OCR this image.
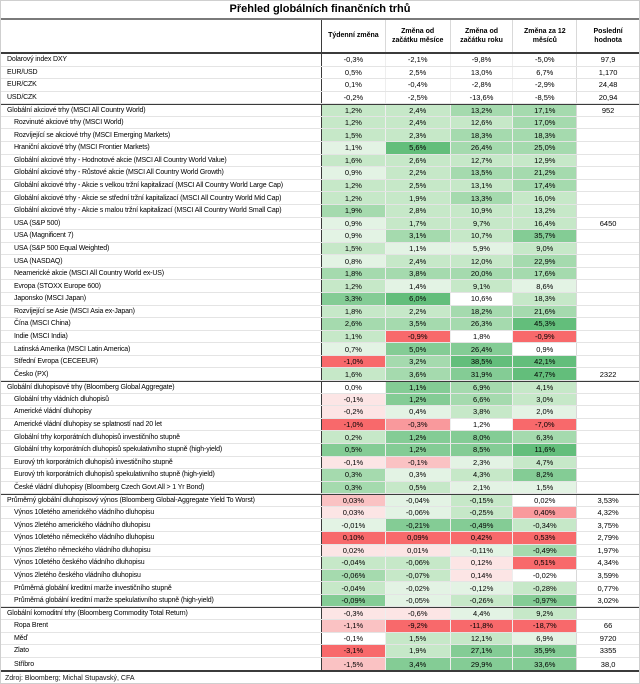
Přehled globálních finančních trhů
Týdenní změna
Změna od začátku měsíce
Změna od začátku roku
Změna za 12 měsíců
Poslední hodnota
Dolarový index DXY	-0,3%	-2,1%	-9,8%	-5,0%	97,9
EUR/USD	0,5%	2,5%	13,0%	6,7%	1,170
EUR/CZK	0,1%	-0,4%	-2,8%	-2,9%	24,48
USD/CZK	-0,2%	-2,5%	-13,6%	-8,5%	20,94
Globální akciové trhy (MSCI All Country World)	1,2%	2,4%	13,2%	17,1%	952
Rozvinuté akciové trhy (MSCI World)	1,2%	2,4%	12,6%	17,0%
Rozvíjející se akciové trhy (MSCI Emerging Markets)	1,5%	2,3%	18,3%	18,3%
Hraniční akciové trhy (MSCI Frontier Markets)	1,1%	5,6%	26,4%	25,0%
Globální akciové trhy - Hodnotové akcie (MSCI All Country World Value)	1,6%	2,6%	12,7%	12,9%
Globální akciové trhy - Růstové akcie (MSCI All Country World Growth)	0,9%	2,2%	13,5%	21,2%
Globální akciové trhy - Akcie s velkou tržní kapitalizací (MSCI All Country World Large Cap)	1,2%	2,5%	13,1%	17,4%
Globální akciové trhy - Akcie se střední tržní kapitalizací (MSCI All Country World Mid Cap)	1,2%	1,9%	13,3%	16,0%
Globální akciové trhy - Akcie s malou tržní kapitalizací (MSCI All Country World Small Cap)	1,9%	2,8%	10,9%	13,2%
USA (S&P 500)	0,9%	1,7%	9,7%	16,4%	6450
USA (Magnificent 7)	0,9%	3,1%	10,7%	35,7%
USA (S&P 500 Equal Weighted)	1,5%	1,1%	5,9%	9,0%
USA (NASDAQ)	0,8%	2,4%	12,0%	22,9%
Neamerické akcie (MSCI All Country World ex-US)	1,8%	3,8%	20,0%	17,6%
Evropa (STOXX Europe 600)	1,2%	1,4%	9,1%	8,6%
Japonsko (MSCI Japan)	3,3%	6,0%	10,6%	18,3%
Rozvíjející se Asie (MSCI Asia ex-Japan)	1,8%	2,2%	18,2%	21,6%
Čína (MSCI China)	2,6%	3,5%	26,3%	45,3%
Indie (MSCI India)	1,1%	-0,9%	1,8%	-0,9%
Latinská Amerika (MSCI Latin America)	0,7%	5,0%	26,4%	0,9%
Střední Evropa (CECEEUR)	-1,0%	3,2%	38,5%	42,1%
Česko (PX)	1,6%	3,6%	31,9%	47,7%	2322
Globální dluhopisové trhy (Bloomberg Global Aggregate)	0,0%	1,1%	6,9%	4,1%
Globální trhy vládních dluhopisů	-0,1%	1,2%	6,6%	3,0%
Americké vládní dluhopisy	-0,2%	0,4%	3,8%	2,0%
Americké vládní dluhopisy se splatností nad 20 let	-1,0%	-0,3%	1,2%	-7,0%
Globální trhy korporátních dluhopisů investičního stupně	0,2%	1,2%	8,0%	6,3%
Globální trhy korporátních dluhopisů spekulativního stupně (high-yield)	0,5%	1,2%	8,5%	11,6%
Eurový trh korporátních dluhopisů investičního stupně	-0,1%	-0,1%	2,3%	4,7%
Eurový trh korporátních dluhopisů spekulativního stupně (high-yield)	0,3%	0,3%	4,3%	8,2%
České vládní dluhopisy (Bloomberg Czech Govt All > 1 Yr Bond)	0,3%	0,5%	2,1%	1,5%
Průměrný globální dluhopisový výnos (Bloomberg Global-Aggregate Yield To Worst)	0,03%	-0,04%	-0,15%	0,02%	3,53%
Výnos 10letého amerického vládního dluhopisu	0,03%	-0,06%	-0,25%	0,40%	4,32%
Výnos 2letého amerického vládního dluhopisu	-0,01%	-0,21%	-0,49%	-0,34%	3,75%
Výnos 10letého německého vládního dluhopisu	0,10%	0,09%	0,42%	0,53%	2,79%
Výnos 2letého německého vládního dluhopisu	0,02%	0,01%	-0,11%	-0,49%	1,97%
Výnos 10letého českého vládního dluhopisu	-0,04%	-0,06%	0,12%	0,51%	4,34%
Výnos 2letého českého vládního dluhopisu	-0,06%	-0,07%	0,14%	-0,02%	3,59%
Průměrná globální kreditní marže investičního stupně	-0,04%	-0,02%	-0,12%	-0,28%	0,77%
Průměrná globální kreditní marže spekulativního stupně (high-yield)	-0,09%	-0,05%	-0,26%	-0,97%	3,02%
Globální komoditní trhy (Bloomberg Commodity Total Return)	-0,3%	-0,6%	4,4%	9,2%
Ropa Brent	-1,1%	-9,2%	-11,8%	-18,7%	66
Měď	-0,1%	1,5%	12,1%	6,9%	9720
Zlato	-3,1%	1,9%	27,1%	35,9%	3355
Stříbro	-1,5%	3,4%	29,9%	33,6%	38,0
Zdroj: Bloomberg; Michal Stupavský, CFA
